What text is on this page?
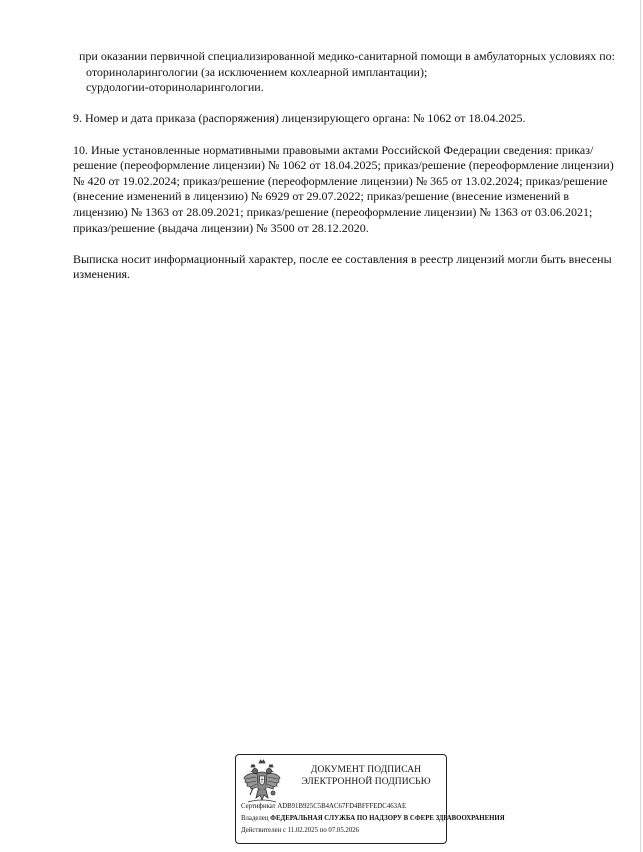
при оказании первичной специализированной медико-санитарной помощи в амбулаторных условиях по:

оториноларингологии (за исключением кохлеарной имплантации);

сурдологии-оториноларингологии.

9. Номер и дата приказа (распоряжения) лицензирующего органа: № 1062 от 18.04.2025.

10. Иные установленные нормативными правовыми актами Российской Федерации сведения: приказ/решение (переоформление лицензии) № 1062 от 18.04.2025; приказ/решение (переоформление лицензии) № 420 от 19.02.2024; приказ/решение (переоформление лицензии) № 365 от 13.02.2024; приказ/решение (внесение изменений в лицензию) № 6929 от 29.07.2022; приказ/решение (внесение изменений в лицензию) № 1363 от 28.09.2021; приказ/решение (переоформление лицензии) № 1363 от 03.06.2021; приказ/решение (выдача лицензии) № 3500 от 28.12.2020.

Выписка носит информационный характер, после ее составления в реестр лицензий могли быть внесены изменения.

ДОКУМЕНТ ПОДПИСАН
ЭЛЕКТРОННОЙ ПОДПИСЬЮ
Сертификат ADB91B925C5B4AC67FD4BFFFEDC463AE
Владелец ФЕДЕРАЛЬНАЯ СЛУЖБА ПО НАДЗОРУ В СФЕРЕ ЗДРАВООХРАНЕНИЯ
Действителен с 11.02.2025 по 07.05.2026
